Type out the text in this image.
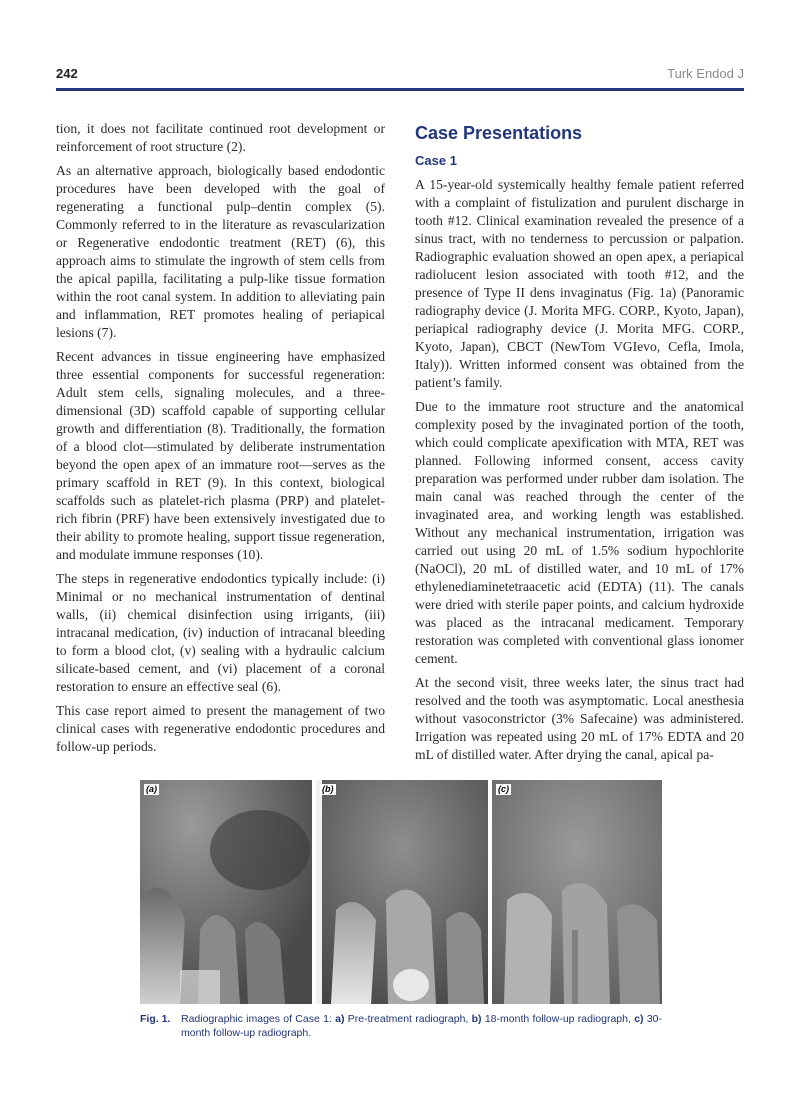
242	Turk Endod J

tion, it does not facilitate continued root development or reinforcement of root structure (2).

As an alternative approach, biologically based endodontic procedures have been developed with the goal of regenerating a functional pulp–dentin complex (5). Commonly referred to in the literature as revascularization or Regenerative endodontic treatment (RET) (6), this approach aims to stimulate the ingrowth of stem cells from the apical papilla, facilitating a pulp-like tissue formation within the root canal system. In addition to alleviating pain and inflammation, RET promotes healing of periapical lesions (7).

Recent advances in tissue engineering have emphasized three essential components for successful regeneration: Adult stem cells, signaling molecules, and a three-dimensional (3D) scaffold capable of supporting cellular growth and differentiation (8). Traditionally, the formation of a blood clot—stimulated by deliberate instrumentation beyond the open apex of an immature root—serves as the primary scaffold in RET (9). In this context, biological scaffolds such as platelet-rich plasma (PRP) and platelet-rich fibrin (PRF) have been extensively investigated due to their ability to promote healing, support tissue regeneration, and modulate immune responses (10).

The steps in regenerative endodontics typically include: (i) Minimal or no mechanical instrumentation of dentinal walls, (ii) chemical disinfection using irrigants, (iii) intracanal medication, (iv) induction of intracanal bleeding to form a blood clot, (v) sealing with a hydraulic calcium silicate-based cement, and (vi) placement of a coronal restoration to ensure an effective seal (6).

This case report aimed to present the management of two clinical cases with regenerative endodontic procedures and follow-up periods.

Case Presentations
Case 1

A 15-year-old systemically healthy female patient referred with a complaint of fistulization and purulent discharge in tooth #12. Clinical examination revealed the presence of a sinus tract, with no tenderness to percussion or palpation. Radiographic evaluation showed an open apex, a periapical radiolucent lesion associated with tooth #12, and the presence of Type II dens invaginatus (Fig. 1a) (Panoramic radiography device (J. Morita MFG. CORP., Kyoto, Japan), periapical radiography device (J. Morita MFG. CORP., Kyoto, Japan), CBCT (NewTom VGIevo, Cefla, Imola, Italy)). Written informed consent was obtained from the patient’s family.

Due to the immature root structure and the anatomical complexity posed by the invaginated portion of the tooth, which could complicate apexification with MTA, RET was planned. Following informed consent, access cavity preparation was performed under rubber dam isolation. The main canal was reached through the center of the invaginated area, and working length was established. Without any mechanical instrumentation, irrigation was carried out using 20 mL of 1.5% sodium hypochlorite (NaOCl), 20 mL of distilled water, and 10 mL of 17% ethylenediaminetetraacetic acid (EDTA) (11). The canals were dried with sterile paper points, and calcium hydroxide was placed as the intracanal medicament. Temporary restoration was completed with conventional glass ionomer cement.

At the second visit, three weeks later, the sinus tract had resolved and the tooth was asymptomatic. Local anesthesia without vasoconstrictor (3% Safecaine) was administered. Irrigation was repeated using 20 mL of 17% EDTA and 20 mL of distilled water. After drying the canal, apical pa-

(a)	(b)	(c)
Fig. 1. Radiographic images of Case 1: a) Pre-treatment radiograph, b) 18-month follow-up radiograph, c) 30-month follow-up radiograph.
